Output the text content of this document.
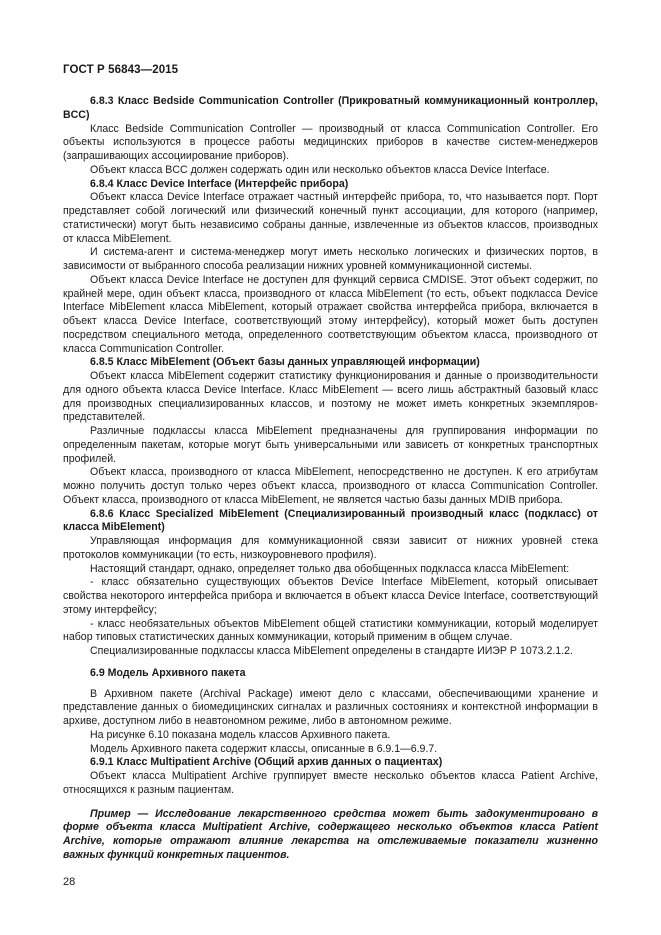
ГОСТ Р 56843—2015

6.8.3 Класс Bedside Communication Controller (Прикроватный коммуникационный контроллер, BCC)

Класс Bedside Communication Controller — производный от класса Communication Controller. Его объекты используются в процессе работы медицинских приборов в качестве систем-менеджеров (запрашивающих ассоциирование приборов).

Объект класса BCC должен содержать один или несколько объектов класса Device Interface.

6.8.4 Класс Device Interface (Интерфейс прибора)

Объект класса Device Interface отражает частный интерфейс прибора, то, что называется порт. Порт представляет собой логический или физический конечный пункт ассоциации, для которого (например, статистически) могут быть независимо собраны данные, извлеченные из объектов классов, производных от класса MibElement.

И система-агент и система-менеджер могут иметь несколько логических и физических портов, в зависимости от выбранного способа реализации нижних уровней коммуникационной системы.

Объект класса Device Interface не доступен для функций сервиса CMDISE. Этот объект содержит, по крайней мере, один объект класса, производного от класса MibElement (то есть, объект подкласса Device Interface MibElement класса MibElement, который отражает свойства интерфейса прибора, включается в объект класса Device Interface, соответствующий этому интерфейсу), который может быть доступен посредством специального метода, определенного соответствующим объектом класса, производного от класса Communication Controller.

6.8.5 Класс MibElement (Объект базы данных управляющей информации)

Объект класса MibElement содержит статистику функционирования и данные о производительности для одного объекта класса Device Interface. Класс MibElement — всего лишь абстрактный базовый класс для производных специализированных классов, и поэтому не может иметь конкретных экземпляров-представителей.

Различные подклассы класса MibElement предназначены для группирования информации по определенным пакетам, которые могут быть универсальными или зависеть от конкретных транспортных профилей.

Объект класса, производного от класса MibElement, непосредственно не доступен. К его атрибутам можно получить доступ только через объект класса, производного от класса Communication Controller. Объект класса, производного от класса MibElement, не является частью базы данных MDIB прибора.

6.8.6 Класс Specialized MibElement (Специализированный производный класс (подкласс) от класса MibElement)

Управляющая информация для коммуникационной связи зависит от нижних уровней стека протоколов коммуникации (то есть, низкоуровневого профиля).

Настоящий стандарт, однако, определяет только два обобщенных подкласса класса MibElement:

- класс обязательно существующих объектов Device Interface MibElement, который описывает свойства некоторого интерфейса прибора и включается в объект класса Device Interface, соответствующий этому интерфейсу;

- класс необязательных объектов MibElement общей статистики коммуникации, который моделирует набор типовых статистических данных коммуникации, который применим в общем случае.

Специализированные подклассы класса MibElement определены в стандарте ИИЭР Р 1073.2.1.2.

6.9 Модель Архивного пакета

В Архивном пакете (Archival Package) имеют дело с классами, обеспечивающими хранение и представление данных о биомедицинских сигналах и различных состояниях и контекстной информации в архиве, доступном либо в неавтономном режиме, либо в автономном режиме.

На рисунке 6.10 показана модель классов Архивного пакета.

Модель Архивного пакета содержит классы, описанные в 6.9.1—6.9.7.

6.9.1 Класс Multipatient Archive (Общий архив данных о пациентах)

Объект класса Multipatient Archive группирует вместе несколько объектов класса Patient Archive, относящихся к разным пациентам.

Пример — Исследование лекарственного средства может быть задокументировано в форме объекта класса Multipatient Archive, содержащего несколько объектов класса Patient Archive, которые отражают влияние лекарства на отслеживаемые показатели жизненно важных функций конкретных пациентов.

28
